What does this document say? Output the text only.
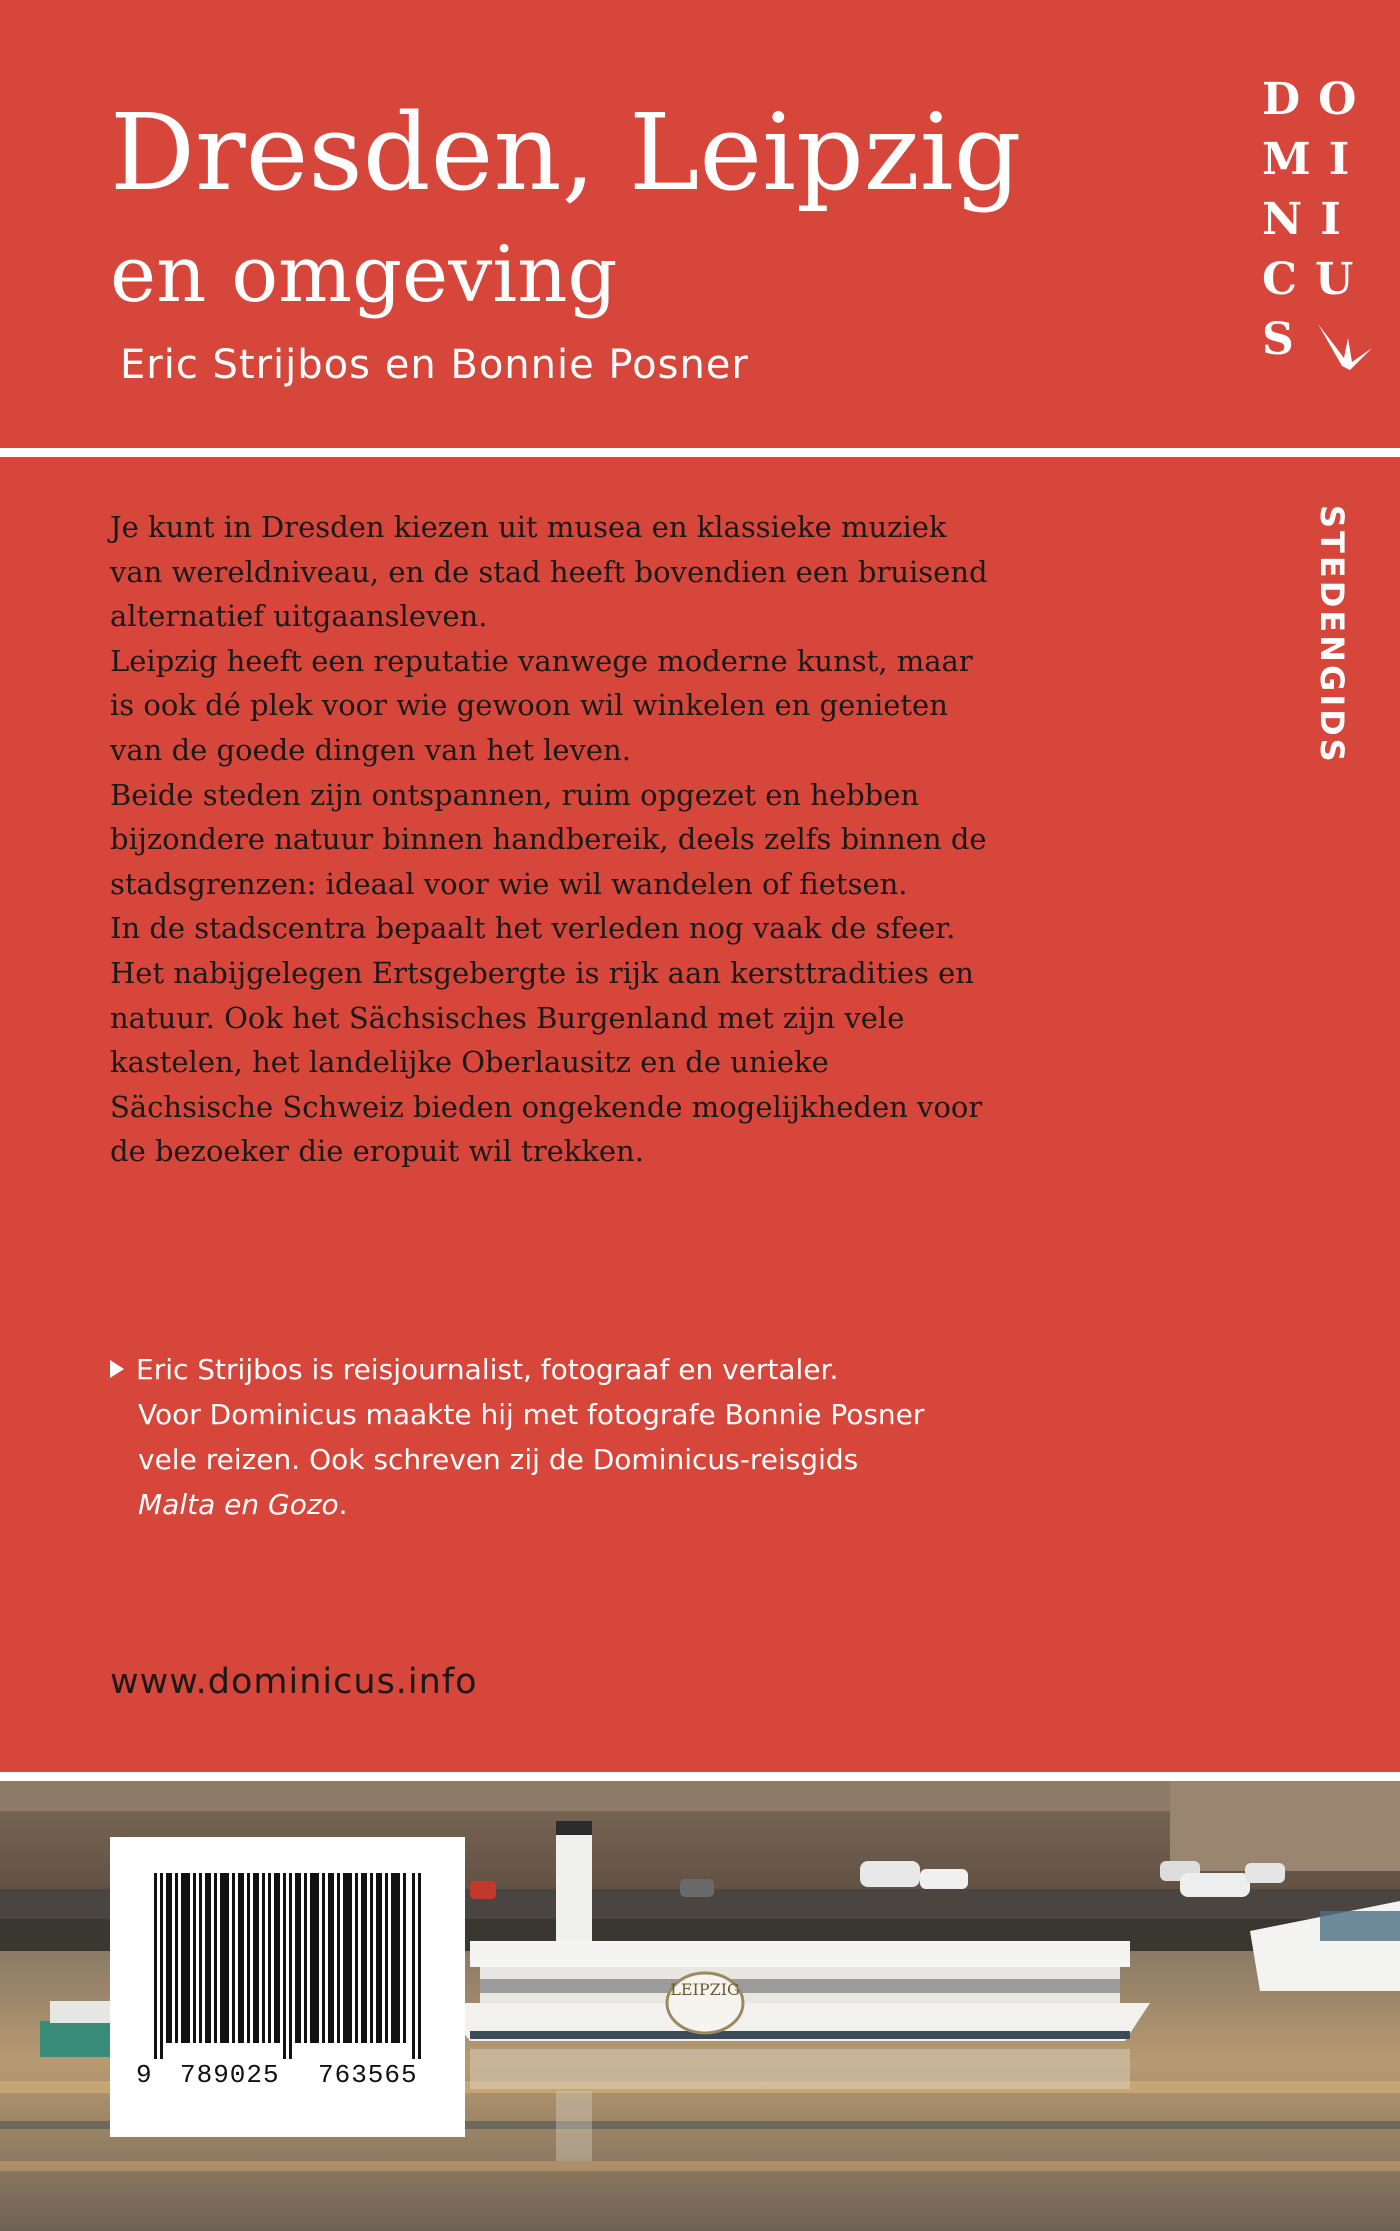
Dresden, Leipzig
en omgeving
Eric Strijbos en Bonnie Posner
DO
MI
NI
CU
S
STEDENGIDS

Je kunt in Dresden kiezen uit musea en klassieke muziek van wereldniveau, en de stad heeft bovendien een bruisend alternatief uitgaansleven.

Leipzig heeft een reputatie vanwege moderne kunst, maar is ook dé plek voor wie gewoon wil winkelen en genieten van de goede dingen van het leven.

Beide steden zijn ontspannen, ruim opgezet en hebben bijzondere natuur binnen handbereik, deels zelfs binnen de stadsgrenzen: ideaal voor wie wil wandelen of fietsen.

In de stadscentra bepaalt het verleden nog vaak de sfeer.

Het nabijgelegen Ertsgebergte is rijk aan kersttradities en natuur. Ook het Sächsisches Burgenland met zijn vele kastelen, het landelijke Oberlausitz en de unieke Sächsische Schweiz bieden ongekende mogelijkheden voor de bezoeker die eropuit wil trekken.

Eric Strijbos is reisjournalist, fotograaf en vertaler.
Voor Dominicus maakte hij met fotografe Bonnie Posner
vele reizen. Ook schreven zij de Dominicus-reisgids
Malta en Gozo.
www.dominicus.info
LEIPZIG
9 789025 763565
